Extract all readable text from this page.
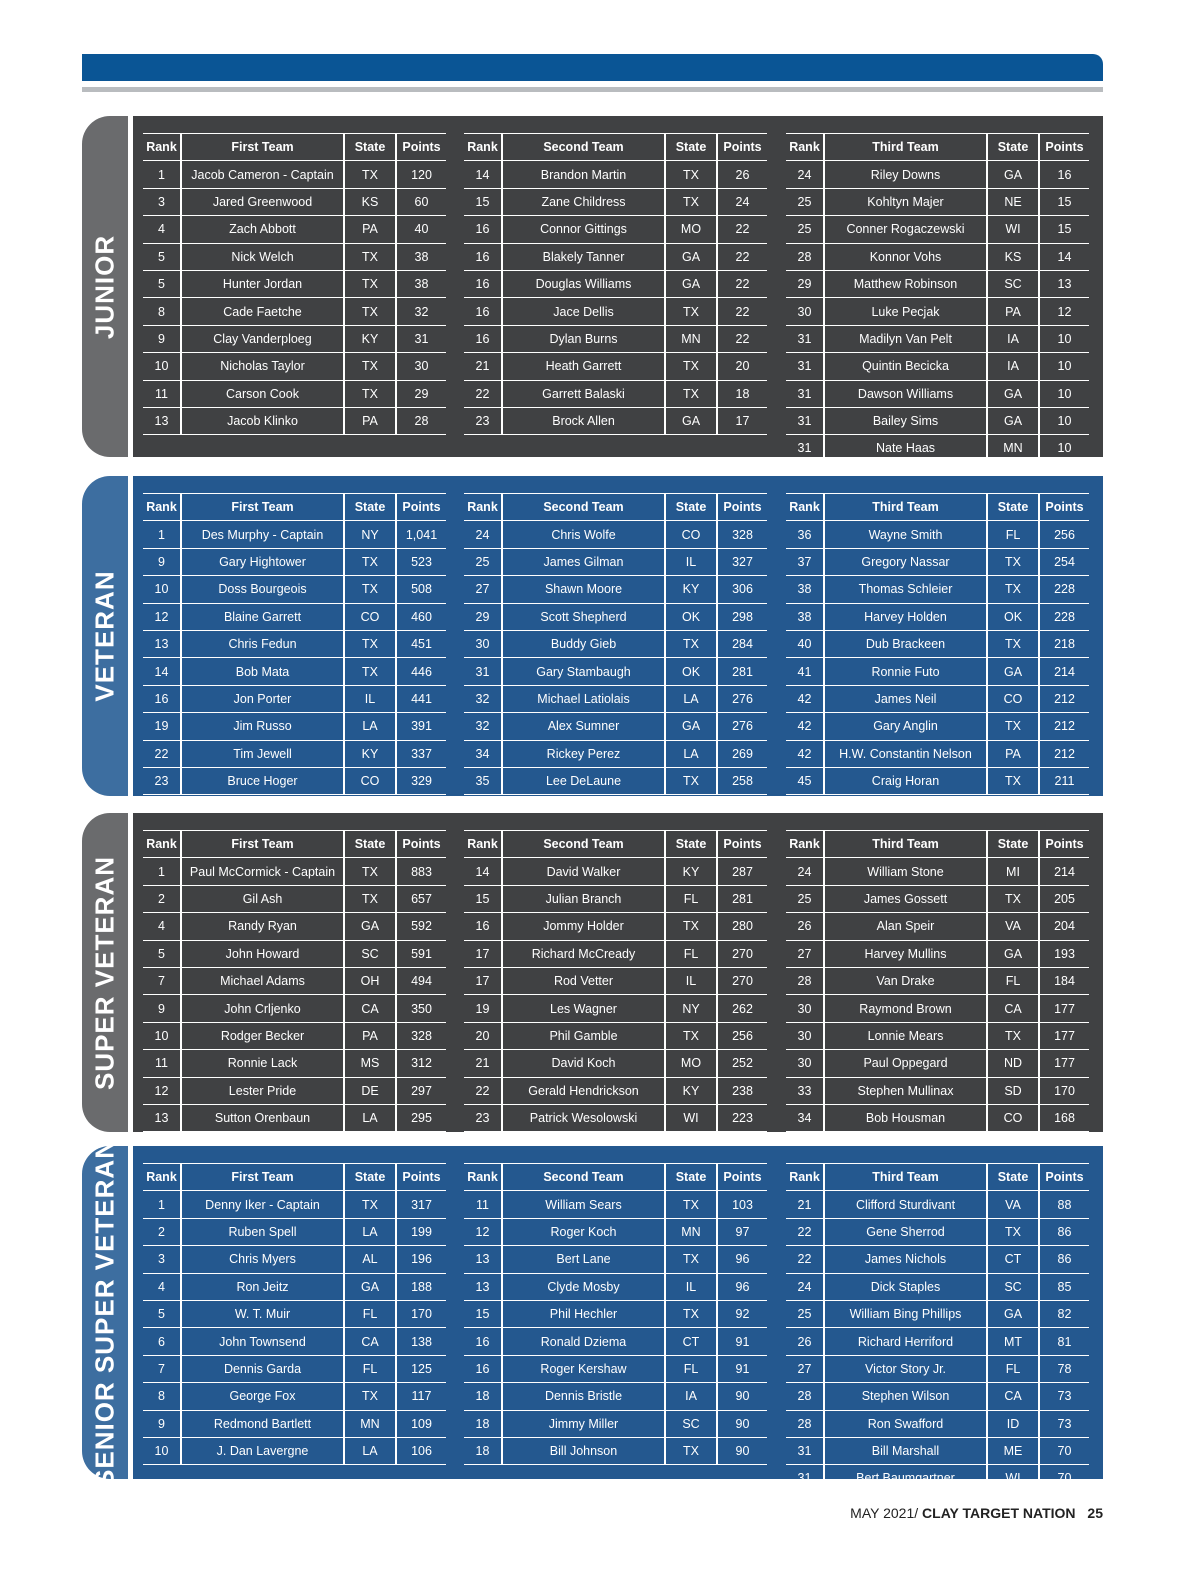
JUNIOR
Rank	First Team	State	Points
1	Jacob Cameron - Captain	TX	120
3	Jared Greenwood	KS	60
4	Zach Abbott	PA	40
5	Nick Welch	TX	38
5	Hunter Jordan	TX	38
8	Cade Faetche	TX	32
9	Clay Vanderploeg	KY	31
10	Nicholas Taylor	TX	30
11	Carson Cook	TX	29
13	Jacob Klinko	PA	28

Rank	Second Team	State	Points
14	Brandon Martin	TX	26
15	Zane Childress	TX	24
16	Connor Gittings	MO	22
16	Blakely Tanner	GA	22
16	Douglas Williams	GA	22
16	Jace Dellis	TX	22
16	Dylan Burns	MN	22
21	Heath Garrett	TX	20
22	Garrett Balaski	TX	18
23	Brock Allen	GA	17

Rank	Third Team	State	Points
24	Riley Downs	GA	16
25	Kohltyn Majer	NE	15
25	Conner Rogaczewski	WI	15
28	Konnor Vohs	KS	14
29	Matthew Robinson	SC	13
30	Luke Pecjak	PA	12
31	Madilyn Van Pelt	IA	10
31	Quintin Becicka	IA	10
31	Dawson Williams	GA	10
31	Bailey Sims	GA	10
31	Nate Haas	MN	10
VETERAN
Rank	First Team	State	Points
1	Des Murphy - Captain	NY	1,041
9	Gary Hightower	TX	523
10	Doss Bourgeois	TX	508
12	Blaine Garrett	CO	460
13	Chris Fedun	TX	451
14	Bob Mata	TX	446
16	Jon Porter	IL	441
19	Jim Russo	LA	391
22	Tim Jewell	KY	337
23	Bruce Hoger	CO	329
Rank	Second Team	State	Points
24	Chris Wolfe	CO	328
25	James Gilman	IL	327
27	Shawn Moore	KY	306
29	Scott Shepherd	OK	298
30	Buddy Gieb	TX	284
31	Gary Stambaugh	OK	281
32	Michael Latiolais	LA	276
32	Alex Sumner	GA	276
34	Rickey Perez	LA	269
35	Lee DeLaune	TX	258
Rank	Third Team	State	Points
36	Wayne Smith	FL	256
37	Gregory Nassar	TX	254
38	Thomas Schleier	TX	228
38	Harvey Holden	OK	228
40	Dub Brackeen	TX	218
41	Ronnie Futo	GA	214
42	James Neil	CO	212
42	Gary Anglin	TX	212
42	H.W. Constantin Nelson	PA	212
45	Craig Horan	TX	211
SUPER VETERAN
Rank	First Team	State	Points
1	Paul McCormick - Captain	TX	883
2	Gil Ash	TX	657
4	Randy Ryan	GA	592
5	John Howard	SC	591
7	Michael Adams	OH	494
9	John Crljenko	CA	350
10	Rodger Becker	PA	328
11	Ronnie Lack	MS	312
12	Lester Pride	DE	297
13	Sutton Orenbaun	LA	295
Rank	Second Team	State	Points
14	David Walker	KY	287
15	Julian Branch	FL	281
16	Jommy Holder	TX	280
17	Richard McCready	FL	270
17	Rod Vetter	IL	270
19	Les Wagner	NY	262
20	Phil Gamble	TX	256
21	David Koch	MO	252
22	Gerald Hendrickson	KY	238
23	Patrick Wesolowski	WI	223
Rank	Third Team	State	Points
24	William Stone	MI	214
25	James Gossett	TX	205
26	Alan Speir	VA	204
27	Harvey Mullins	GA	193
28	Van Drake	FL	184
30	Raymond Brown	CA	177
30	Lonnie Mears	TX	177
30	Paul Oppegard	ND	177
33	Stephen Mullinax	SD	170
34	Bob Housman	CO	168
SENIOR SUPER VETERAN Rank	First Team	State	Points
1	Denny Iker - Captain	TX	317
2	Ruben Spell	LA	199
3	Chris Myers	AL	196
4	Ron Jeitz	GA	188
5	W. T. Muir	FL	170
6	John Townsend	CA	138
7	Dennis Garda	FL	125
8	George Fox	TX	117
9	Redmond Bartlett	MN	109
10	J. Dan Lavergne	LA	106

Rank	Second Team	State	Points
11	William Sears	TX	103
12	Roger Koch	MN	97
13	Bert Lane	TX	96
13	Clyde Mosby	IL	96
15	Phil Hechler	TX	92
16	Ronald Dziema	CT	91
16	Roger Kershaw	FL	91
18	Dennis Bristle	IA	90
18	Jimmy Miller	SC	90
18	Bill Johnson	TX	90

Rank	Third Team	State	Points
21	Clifford Sturdivant	VA	88
22	Gene Sherrod	TX	86
22	James Nichols	CT	86
24	Dick Staples	SC	85
25	William Bing Phillips	GA	82
26	Richard Herriford	MT	81
27	Victor Story Jr.	FL	78
28	Stephen Wilson	CA	73
28	Ron Swafford	ID	73
31	Bill Marshall	ME	70
31	Bert Baumgartner	WI	70
MAY 2021/ CLAY TARGET NATION 25
